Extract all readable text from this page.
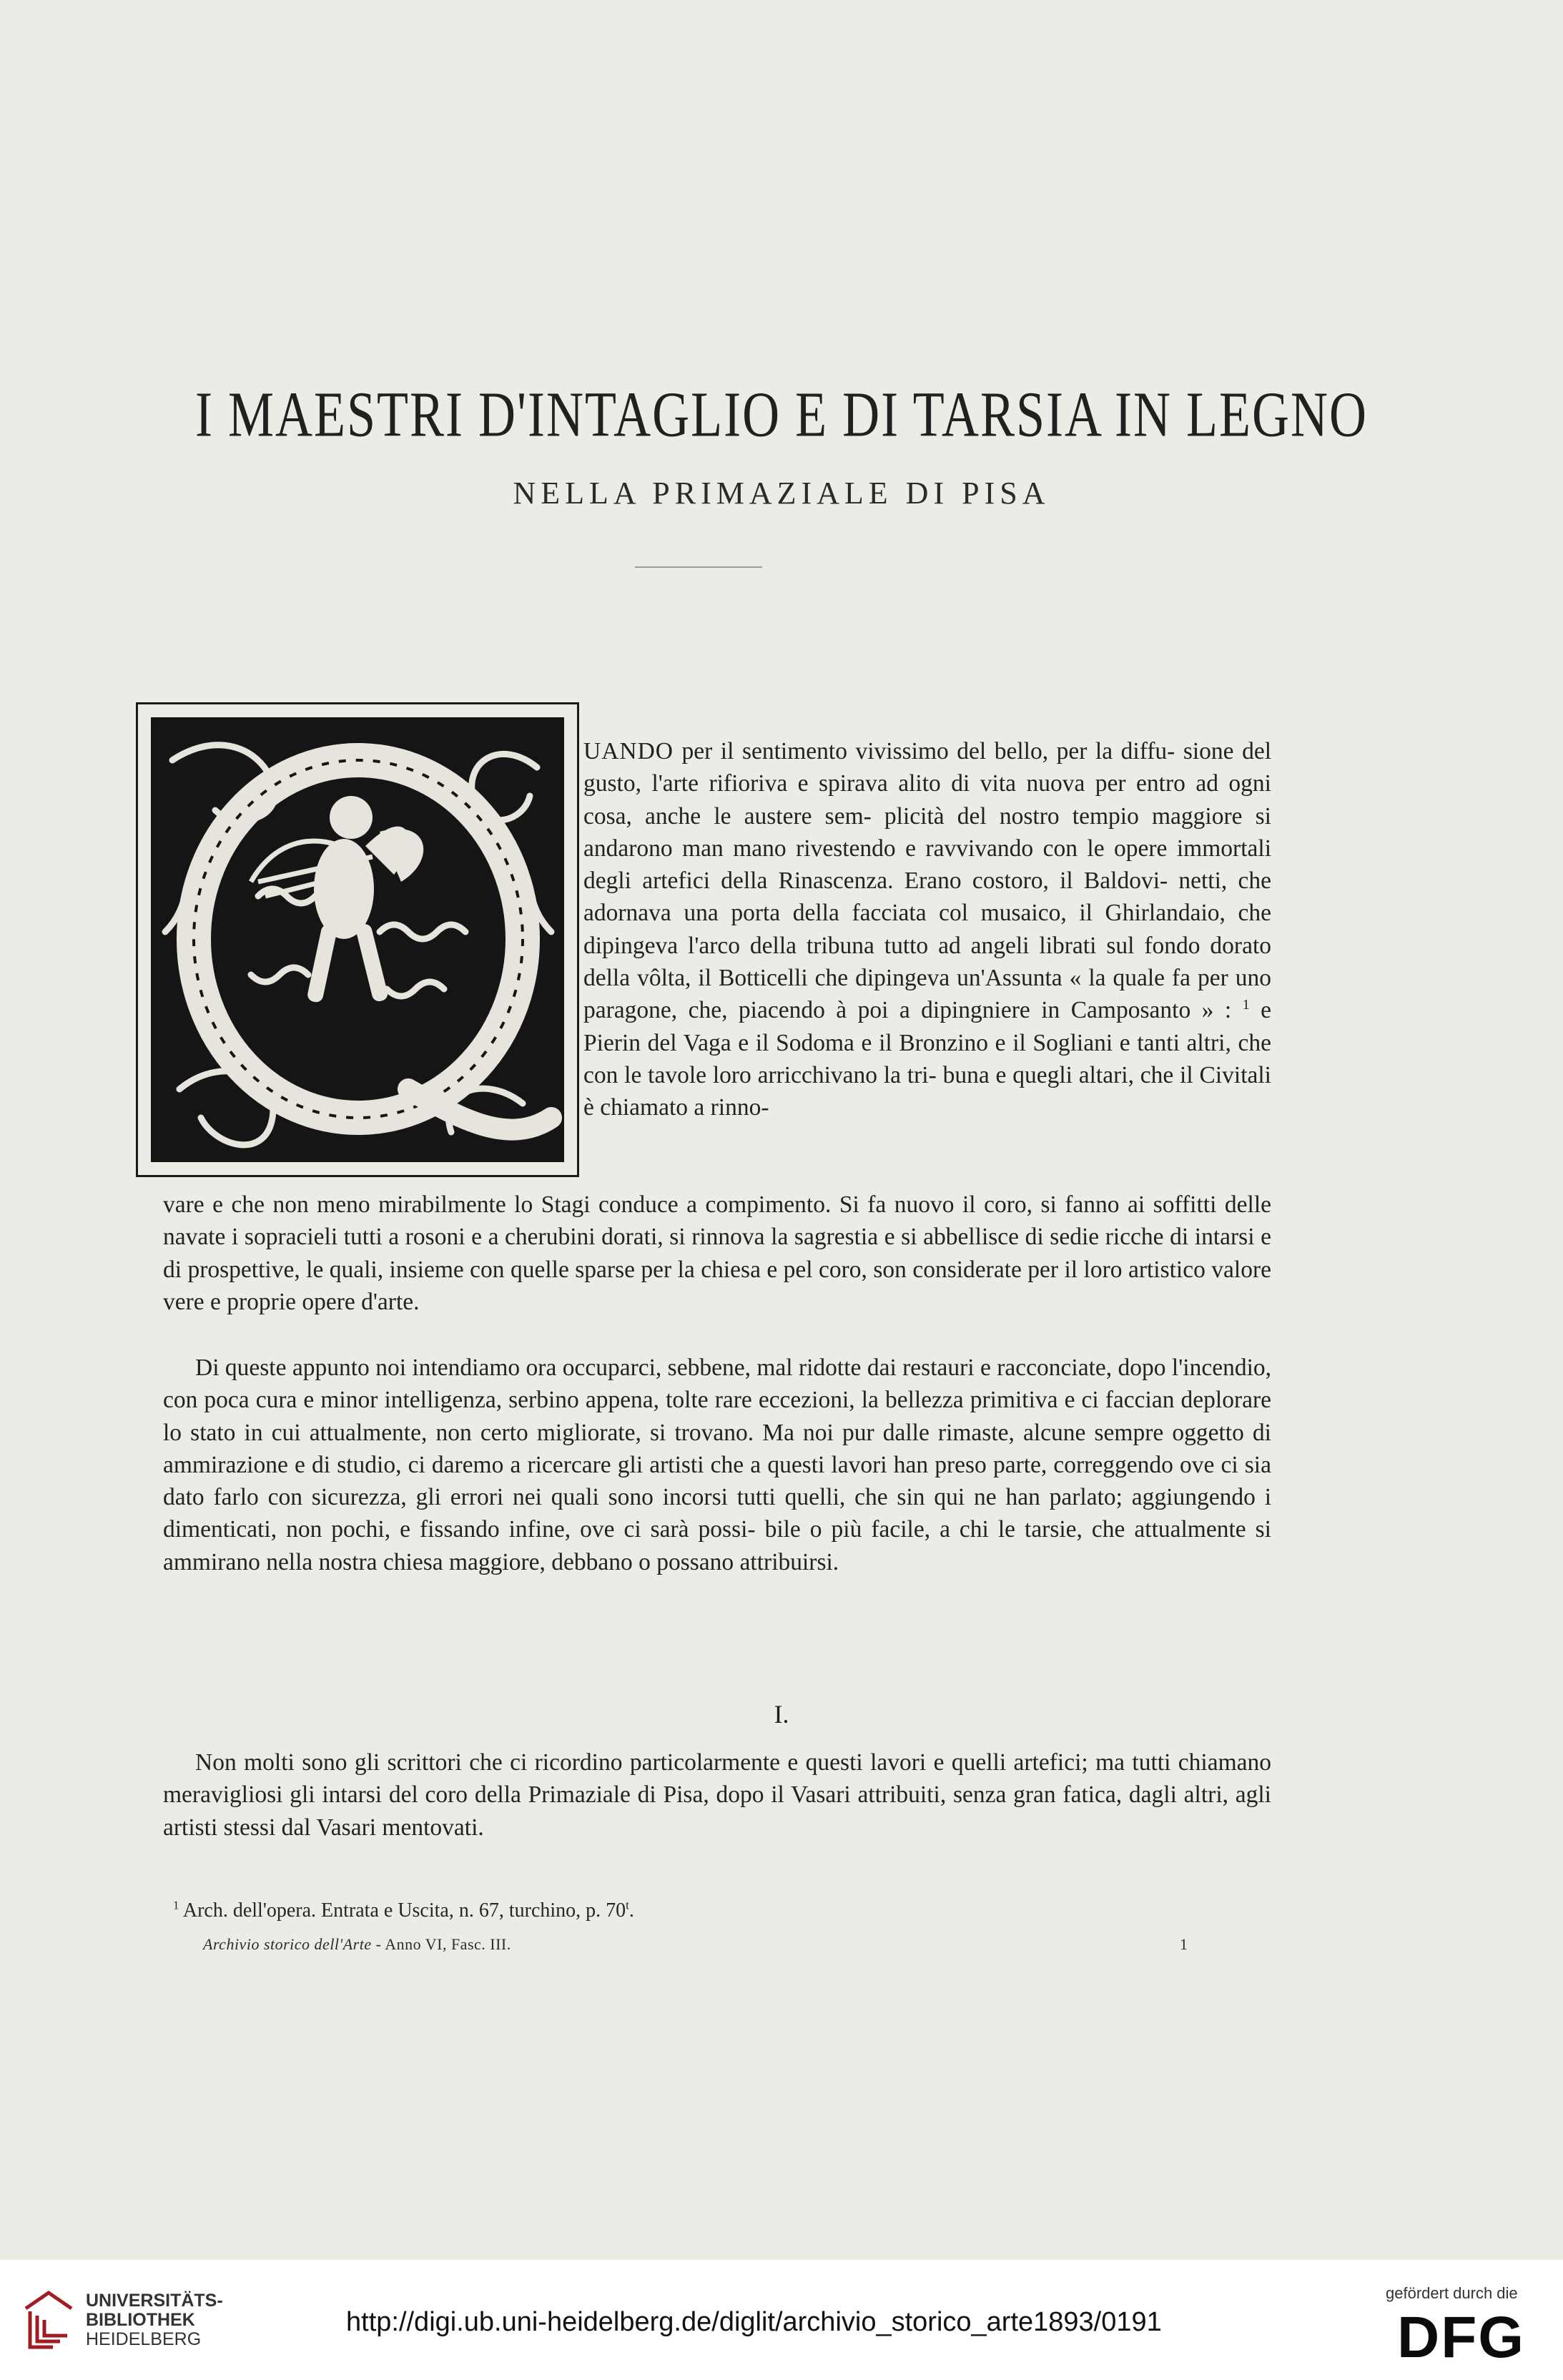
I MAESTRI D'INTAGLIO E DI TARSIA IN LEGNO
NELLA PRIMAZIALE DI PISA
UANDO per il sentimento vivissimo del bello, per la diffu- sione del gusto, l'arte rifioriva e spirava alito di vita nuova per entro ad ogni cosa, anche le austere sem- plicità del nostro tempio maggiore si andarono man mano rivestendo e ravvivando con le opere immortali degli artefici della Rinascenza. Erano costoro, il Baldovi- netti, che adornava una porta della facciata col musaico, il Ghirlandaio, che dipingeva l'arco della tribuna tutto ad angeli librati sul fondo dorato della vôlta, il Botticelli che dipingeva un'Assunta « la quale fa per uno paragone, che, piacendo à poi a dipingniere in Camposanto » : $^1$ e Pierin del Vaga e il Sodoma e il Bronzino e il Sogliani e tanti altri, che con le tavole loro arricchivano la tri- buna e quegli altari, che il Civitali è chiamato a rinno-
vare e che non meno mirabilmente lo Stagi conduce a compimento. Si fa nuovo il coro, si fanno ai soffitti delle navate i sopracieli tutti a rosoni e a cherubini dorati, si rinnova la sagrestia e si abbellisce di sedie ricche di intarsi e di prospettive, le quali, insieme con quelle sparse per la chiesa e pel coro, son considerate per il loro artistico valore vere e proprie opere d'arte.
Di queste appunto noi intendiamo ora occuparci, sebbene, mal ridotte dai restauri e racconciate, dopo l'incendio, con poca cura e minor intelligenza, serbino appena, tolte rare eccezioni, la bellezza primitiva e ci faccian deplorare lo stato in cui attualmente, non certo migliorate, si trovano. Ma noi pur dalle rimaste, alcune sempre oggetto di ammirazione e di studio, ci daremo a ricercare gli artisti che a questi lavori han preso parte, correggendo ove ci sia dato farlo con sicurezza, gli errori nei quali sono incorsi tutti quelli, che sin qui ne han parlato; aggiungendo i dimenticati, non pochi, e fissando infine, ove ci sarà possi- bile o più facile, a chi le tarsie, che attualmente si ammirano nella nostra chiesa maggiore, debbano o possano attribuirsi.
I.
Non molti sono gli scrittori che ci ricordino particolarmente e questi lavori e quelli artefici; ma tutti chiamano meravigliosi gli intarsi del coro della Primaziale di Pisa, dopo il Vasari attribuiti, senza gran fatica, dagli altri, agli artisti stessi dal Vasari mentovati.
$^1$ Arch. dell'opera. Entrata e Uscita, n. 67, turchino, p. 70$^t$.
Archivio storico dell'Arte - Anno VI, Fasc. III.	1
UNIVERSITÄTS-
BIBLIOTHEK
HEIDELBERG
http://digi.ub.uni-heidelberg.de/diglit/archivio_storico_arte1893/0191
gefördert durch die
DFG
